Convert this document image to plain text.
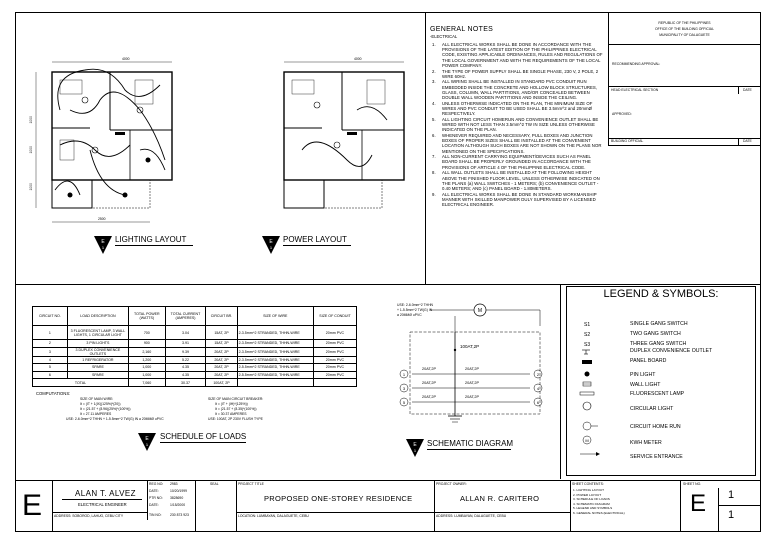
4000
1000
1000
1000
2500
E
1
LIGHTING LAYOUT
4000
E
1
POWER LAYOUT
GENERAL NOTES
-ELECTRICAL
1. ALL ELECTRICAL WORKS SHALL BE DONE IN ACCORDANCE WITH THE PROVISIONS OF THE LATEST EDITION OF THE PHILIPPINES ELECTRICAL CODE, EXISTING APPLICABLE ORDINANCES, RULES AND REGULATIONS OF THE LOCAL GOVERNMENT AND WITH THE REQUIREMENTS OF THE LOCAL POWER COMPANY.
2. THE TYPE OF POWER SUPPLY SHALL BE SINGLE PHASE, 230 V, 2 POLE, 2 WIRE 60Hz.
3. ALL WIRING SHALL BE INSTALLED IN STANDARD PVC CONDUIT RUN EMBEDDED INSIDE THE CONCRETE AND HOLLOW BLOCK STRUCTURES, GLASS, COLUMN, WALL PARTITIONS, AND/OR CONCEALED BETWEEN DOUBLE WALL WOODEN PARTITIONS AND INSIDE THE CEILING.
4. UNLESS OTHERWISE INDICATED ON THE PLAN, THE MINIMUM SIZE OF WIRES AND PVC CONDUIT TO BE USED SHALL BE 3.5mm^2 and 20mmØ RESPECTIVELY.
5. ALL LIGHTING CIRCUIT HOMERUN AND CONVENIENCE OUTLET SHALL BE WIRED WITH NOT LESS THAN 3.5mm^2 TW IN SIZE UNLESS OTHERWISE INDICATED ON THE PLAN.
6. WHENEVER REQUIRED AND NECESSARY, PULL BOXES AND JUNCTION BOXES OF PROPER SIZES SHALL BE INSTALLED AT THE CONVENIENT LOCATION ALTHOUGH SUCH BOXES ARE NOT SHOWN ON THE PLANS NOR MENTIONED ON THE SPECIFICATIONS.
7. ALL NON-CURRENT CARRYING EQUIPMENT/DEVICES SUCH AS PANEL BOARD SHALL BE PROPERLY GROUNDED IN ACCORDANCE WITH THE PROVISIONS OF ARTICLE 4 OF THE PHILIPPINE ELECTRICAL CODE.
8. ALL WALL OUTLETS SHALL BE INSTALLED AT THE FOLLOWING HEIGHT ABOVE THE FINISHED FLOOR LEVEL, UNLESS OTHERWISE INDICATED ON THE PLANS (a) WALL SWITCHES - 1 METERS; (b) CONVENIENCE OUTLET - 0.40 METERS; AND (c) PANEL BOARD - 1.80METERS.
9. ALL ELECTRICAL WORKS SHALL BE DONE IN STANDARD WORKMANSHIP MANNER WITH SKILLED MANPOWER DULY SUPERVISED BY A LICENSED ELECTRICAL ENGINEER.
REPUBLIC OF THE PHILIPPINES
OFFICE OF THE BUILDING OFFICIAL
MUNICIPALITY OF DALAGUETE
RECOMMENDING APPROVAL:
HEAD ELECTRICAL SECTION	DATE
APPROVED:
BUILDING OFFICIAL	DATE
CIRCUIT NO.	LOAD DESCRIPTION	TOTAL POWER (WATTS)	TOTAL CURRENT (AMPERES)	CIRCUIT BR.	SIZE OF WIRE	SIZE OF CONDUIT
1	3 FLUORESCENT LAMP, 3 WALL LIGHTS, 1 CIRCULAR LIGHT	700	3.04	15AT, 2P	2-3.5mm^2 STRANDED, THHN-WIRE	20mm PVC
2	3 PIN LIGHTS	900	3.91	15AT, 2P	2-3.5mm^2 STRANDED, THHN-WIRE	20mm PVC
3	3 DUPLEX CONVENIENCE OUTLETS	2,160	9.39	20AT, 2P	2-3.5mm^2 STRANDED, THHN-WIRE	20mm PVC
4	1 REFRIGERATOR	1,200	5.22	20AT, 2P	2-3.5mm^2 STRANDED, THHN-WIRE	20mm PVC
5	SPARE	1,000	4.35	20AT, 2P	2-5.5mm^2 STRANDED, THHN-WIRE	20mm PVC
6	SPARE	1,000	4.35	20AT, 2P	2-5.5mm^2 STRANDED, THHN-WIRE	20mm PVC
TOTAL		7,060	30.37	100AT, 2P		
COMPUTATIONS:
SIZE OF MAIN WIRE:
It = (IT + 1(IX)(125%)*(20))
It = (21.57 + (8.96)(25%)*(100%))
It = 27.11 AMPERES
USE: 2-6.0mm^2 THHN + 1-5.5mm^2 TW(G) IN a 20MMØ uPVC
SIZE OF MAIN CIRCUIT BREAKER:
It = (IT + (IH)*(125%))
It = (21.57 + (8.35)*(100%))
It = 30.37 AMPERES
USE: 100AT, 2P 230V FLUSH TYPE
E
1
SCHEDULE OF LOADS
USE: 2-6.0mm^2 THHN
+ 1-5.5mm^2 TW(G) IN
a 20MMØ uPVC
M
100AT,2P
20AT,2P	20AT,2P
20AT,2P	20AT,2P
20AT,2P	20AT,2P
1	2
3	4
5	6
E
1
SCHEMATIC DIAGRAM
LEGEND & SYMBOLS:
S1
S2
S3
M
SINGLE GANG SWITCH
TWO GANG SWITCH
THREE GANG SWITCH
DUPLEX CONVENIENCE OUTLET
PANEL BOARD
PIN LIGHT
WALL LIGHT
FLUORESCENT LAMP
CIRCULAR LIGHT
CIRCUIT HOME RUN
KWH METER
SERVICE ENTRANCE
E	ALAN T. ALVEZ
ELECTRICAL ENGINEER
ADDRESS: SOBOROD, LAHUG, CEBU CITY
REG NO: 2983
DATE:	10/20/1999
PTR NO: 3828690
DATE:	1/15/2000
TIN NO:	230 873 923
SEAL	PROJECT TITLE
PROPOSED ONE-STOREY RESIDENCE
LOCATION: LUMBAYAN, DALAGUETE, CEBU
PROJECT OWNER:
ALLAN R. CARITERO
ADDRESS: LUMBAYAN, DALAGUETE, CEBU
SHEET CONTENTS:
1. LIGHTING LAYOUT
2. POWER LAYOUT
3. SCHEDULE OF LOADS
4. SCHEMATIC DIAGRAM
5. LEGEND AND SYMBOLS
6. GENERAL NOTES (ELECTRICAL)
SHEET NO.
E 1
1
